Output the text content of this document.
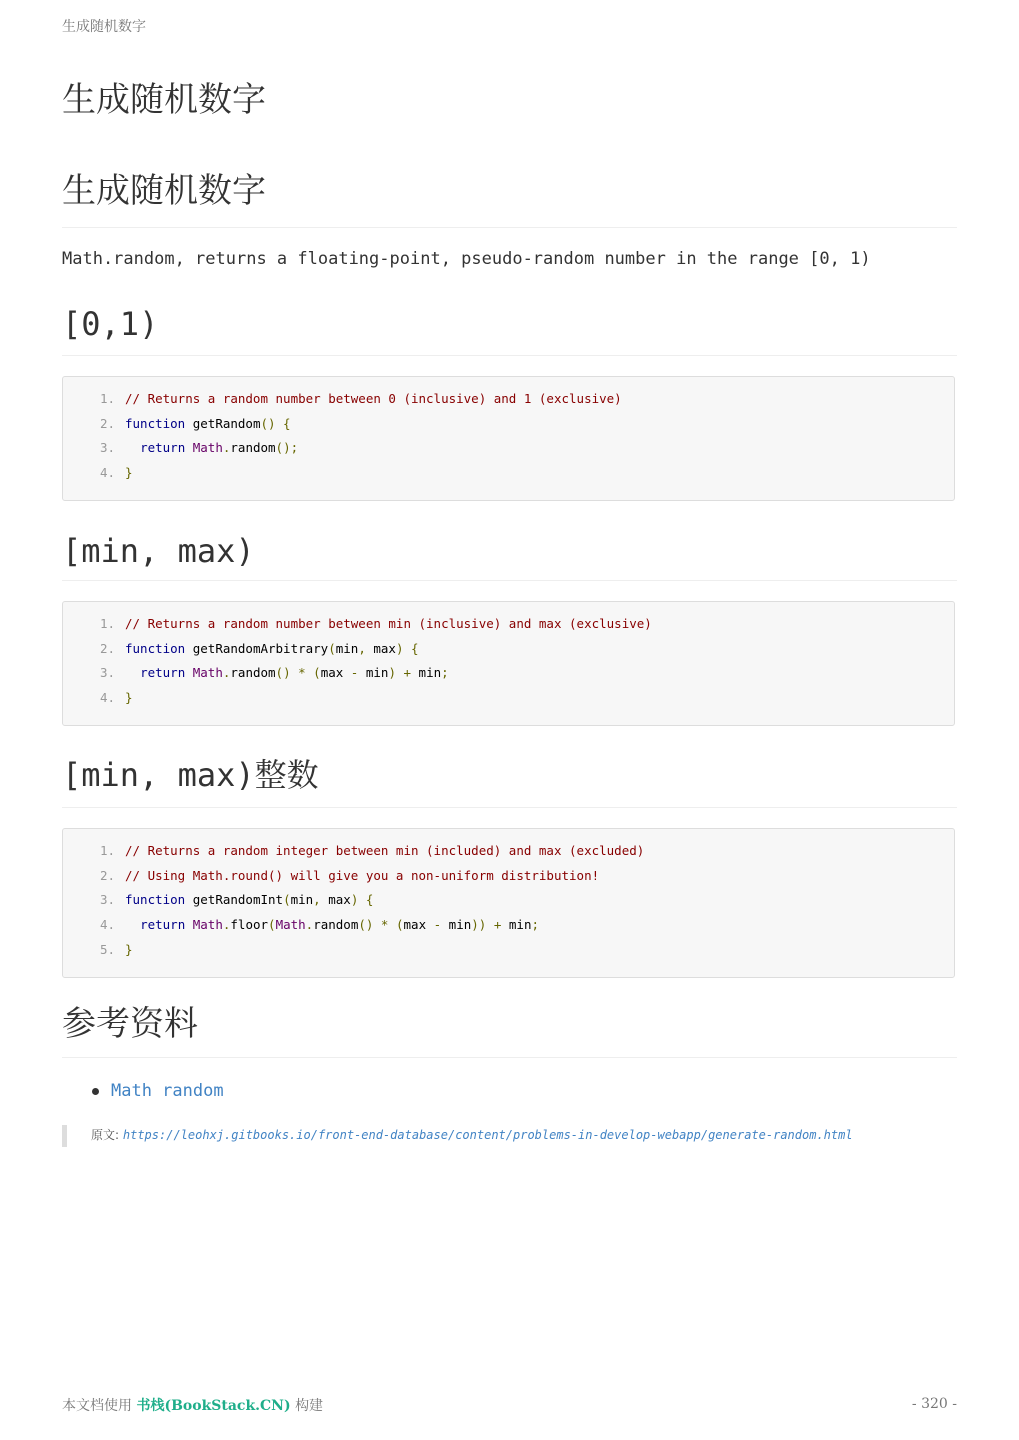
生成随机数字
生成随机数字
生成随机数字

Math.random, returns a floating-point, pseudo-random number in the range [0, 1)

[0,1)
1. // Returns a random number between 0 (inclusive) and 1 (exclusive)
2. function getRandom () {
3.
	return Math . random ();
4. }
[min, max)
1. // Returns a random number between min (inclusive) and max (exclusive)
2. function getRandomArbitrary ( min , max ) {
3.
	return Math . random () * ( max - min ) + min ;
4. }
[min, max)整数
1. // Returns a random integer between min (included) and max (excluded)
2. // Using Math.round() will give you a non-uniform distribution!
3. function getRandomInt ( min , max ) {
4.
	return Math . floor ( Math . random () * ( max - min )) + min ;
5. }
参考资料
Math random
原文: https://leohxj.gitbooks.io/front-end-database/content/problems-in-develop-webapp/generate-random.html
本文档使用 书栈(BookStack.CN) 构建	- 320 -
